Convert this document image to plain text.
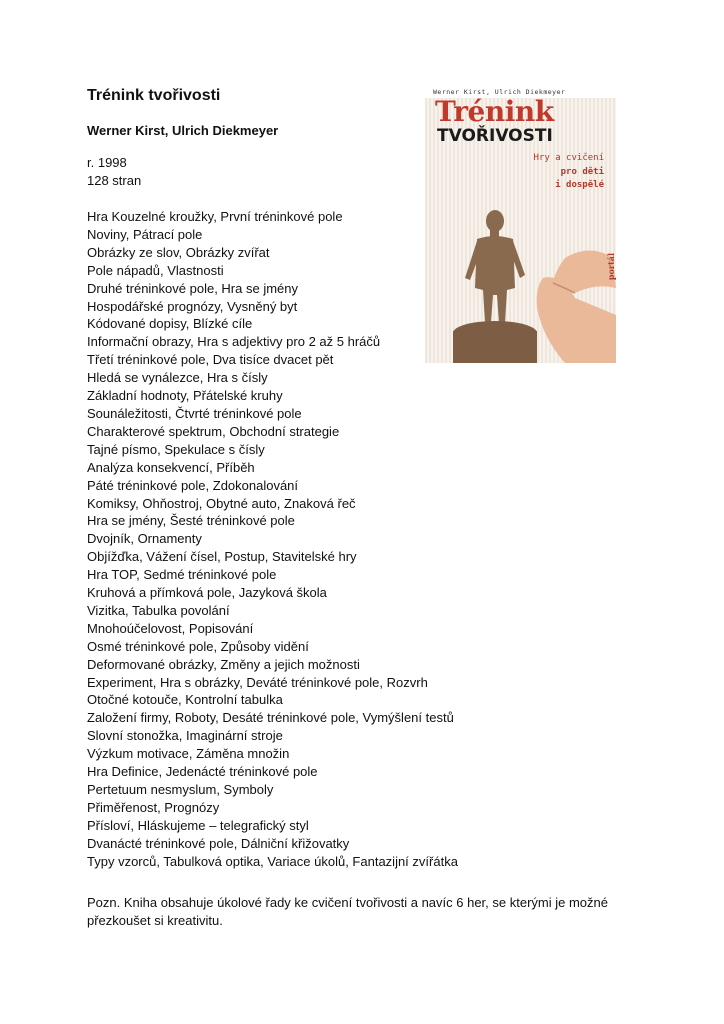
Trénink tvořivosti
Werner Kirst, Ulrich Diekmeyer
r. 1998
128 stran
Hra Kouzelné kroužky, První tréninkové pole
Noviny, Pátrací pole
Obrázky ze slov, Obrázky zvířat
Pole nápadů, Vlastnosti
Druhé tréninkové pole, Hra se jmény
Hospodářské prognózy, Vysněný byt
Kódované dopisy, Blízké cíle
Informační obrazy, Hra s adjektivy pro 2 až 5 hráčů
Třetí tréninkové pole, Dva tisíce dvacet pět
Hledá se vynálezce, Hra s čísly
Základní hodnoty, Přátelské kruhy
Sounáležitosti, Čtvrté tréninkové pole
Charakterové spektrum, Obchodní strategie
Tajné písmo, Spekulace s čísly
Analýza konsekvencí, Příběh
Páté tréninkové pole, Zdokonalování
Komiksy, Ohňostroj, Obytné auto, Znaková řeč
Hra se jmény, Šesté tréninkové pole
Dvojník, Ornamenty
Objížďka, Vážení čísel, Postup, Stavitelské hry
Hra TOP, Sedmé tréninkové pole
Kruhová a přímková pole, Jazyková škola
Vizitka, Tabulka povolání
Mnohoúčelovost, Popisování
Osmé tréninkové pole, Způsoby vidění
Deformované obrázky, Změny a jejich možnosti
Experiment, Hra s obrázky, Deváté tréninkové pole, Rozvrh
Otočné kotouče, Kontrolní tabulka
Založení firmy, Roboty, Desáté tréninkové pole, Vymýšlení testů
Slovní stonožka, Imaginární stroje
Výzkum motivace, Záměna množin
Hra Definice, Jedenácté tréninkové pole
Pertetuum nesmyslum, Symboly
Přiměřenost, Prognózy
Přísloví, Hláskujeme – telegrafický styl
Dvanácté tréninkové pole, Dálniční křižovatky
Typy vzorců, Tabulková optika, Variace úkolů, Fantazijní zvířátka
Pozn. Kniha obsahuje úkolové řady ke cvičení tvořivosti a navíc 6 her, se kterými je možné přezkoušet si kreativitu.
Werner Kirst, Ulrich Diekmeyer
Trénink
TVOŘIVOSTI
Hry a cvičení
pro děti
i dospělé
portál
